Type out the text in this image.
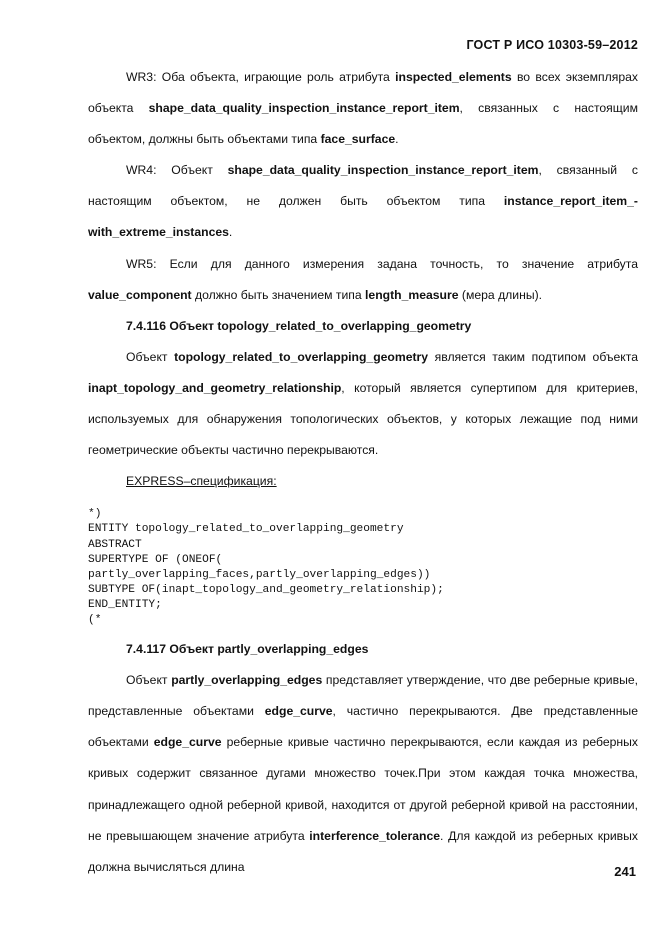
ГОСТ Р ИСО 10303-59–2012

WR3: Оба объекта, играющие роль атрибута inspected_elements во всех экземплярах объекта shape_data_quality_inspection_instance_report_item, связанных с настоящим объектом, должны быть объектами типа face_surface.

WR4: Объект shape_data_quality_inspection_instance_report_item, связанный с настоящим объектом, не должен быть объектом типа instance_report_item_-with_extreme_instances.

WR5: Если для данного измерения задана точность, то значение атрибута value_component должно быть значением типа length_measure (мера длины).

7.4.116 Объект topology_related_to_overlapping_geometry

Объект topology_related_to_overlapping_geometry является таким подтипом объекта inapt_topology_and_geometry_relationship, который является супертипом для критериев, используемых для обнаружения топологических объектов, у которых лежащие под ними геометрические объекты частично перекрываются.

EXPRESS–спецификация:

*)
ENTITY topology_related_to_overlapping_geometry
ABSTRACT
SUPERTYPE OF (ONEOF(
partly_overlapping_faces,partly_overlapping_edges))
SUBTYPE OF(inapt_topology_and_geometry_relationship);
END_ENTITY;
(*

7.4.117 Объект partly_overlapping_edges

Объект partly_overlapping_edges представляет утверждение, что две реберные кривые, представленные объектами edge_curve, частично перекрываются. Две представленные объектами edge_curve реберные кривые частично перекрываются, если каждая из реберных кривых содержит связанное дугами множество точек.При этом каждая точка множества, принадлежащего одной реберной кривой, находится от другой реберной кривой на расстоянии, не превышающем значение атрибута interference_tolerance. Для каждой из реберных кривых должна вычисляться длина	241
